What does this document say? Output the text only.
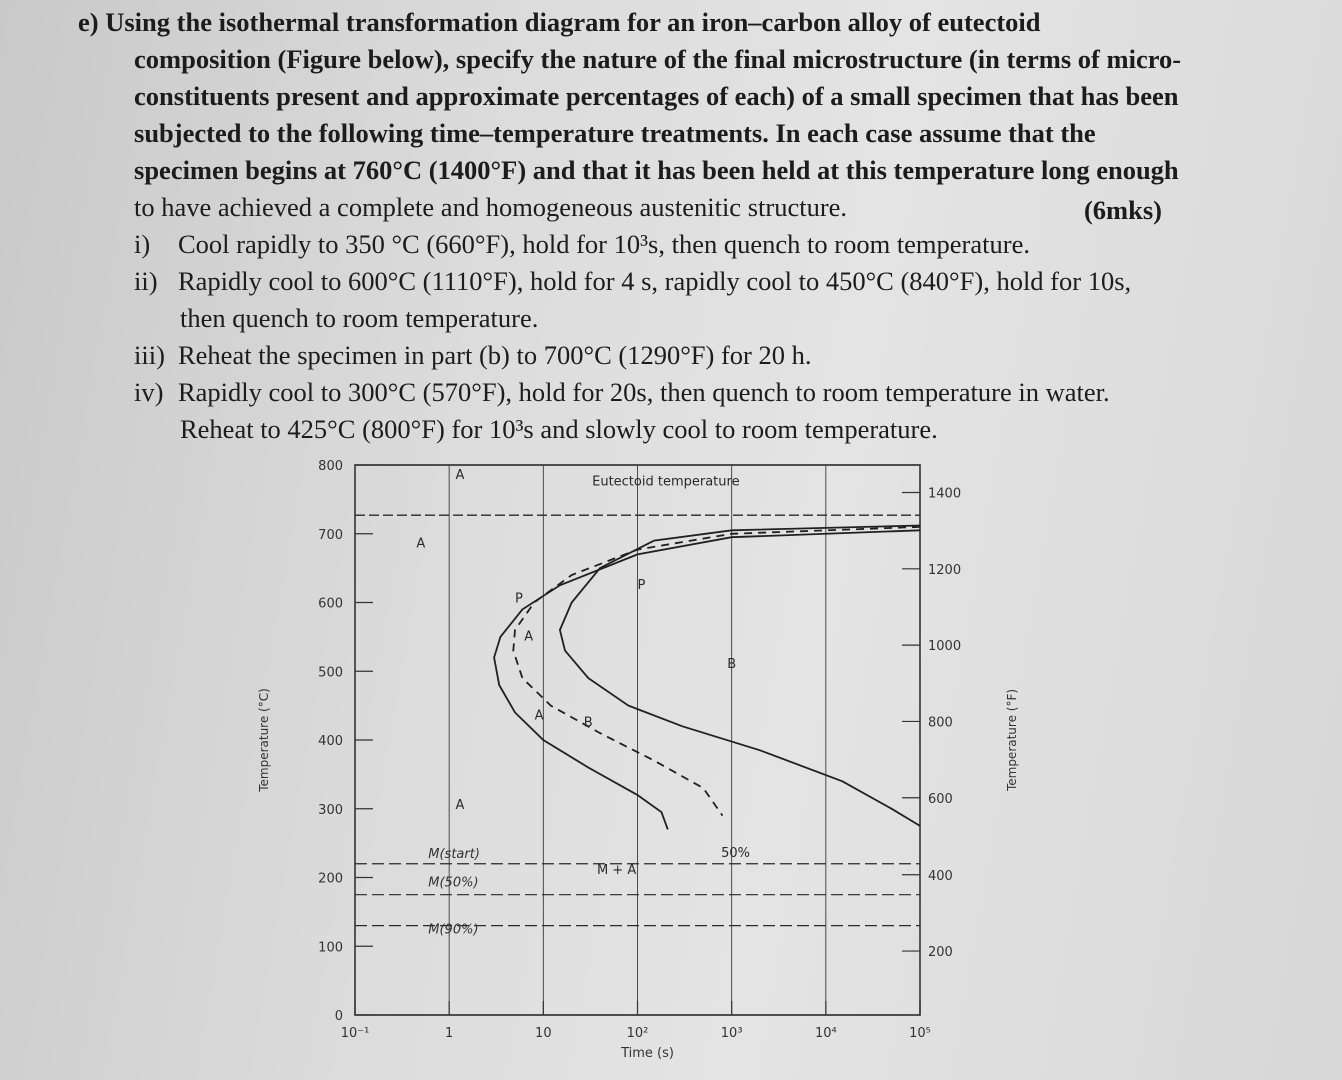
e) Using the isothermal transformation diagram for an iron–carbon alloy of eutectoid
composition (Figure below), specify the nature of the final microstructure (in terms of micro-
constituents present and approximate percentages of each) of a small specimen that has been
subjected to the following time–temperature treatments. In each case assume that the
specimen begins at 760°C (1400°F) and that it has been held at this temperature long enough
to have achieved a complete and homogeneous austenitic structure.	(6mks)
i) Cool rapidly to 350 °C (660°F), hold for 10³s, then quench to room temperature.
ii) Rapidly cool to 600°C (1110°F), hold for 4 s, rapidly cool to 450°C (840°F), hold for 10s,
then quench to room temperature.
iii) Reheat the specimen in part (b) to 700°C (1290°F) for 20 h.
iv) Rapidly cool to 300°C (570°F), hold for 20s, then quench to room temperature in water.
Reheat to 425°C (800°F) for 10³s and slowly cool to room temperature.
10⁻¹	1	10	10²	10³	10⁴	10⁵
0
100
200
300
400
500
600
700
800
1400
1200
1000
800
600
400
200
Temperature (°C)	Temperature (°F)
Time (s)
M(start)
M(50%)
M(90%)
A
A
A
P
B
A
P
A	B
M + A
50%
Eutectoid temperature
